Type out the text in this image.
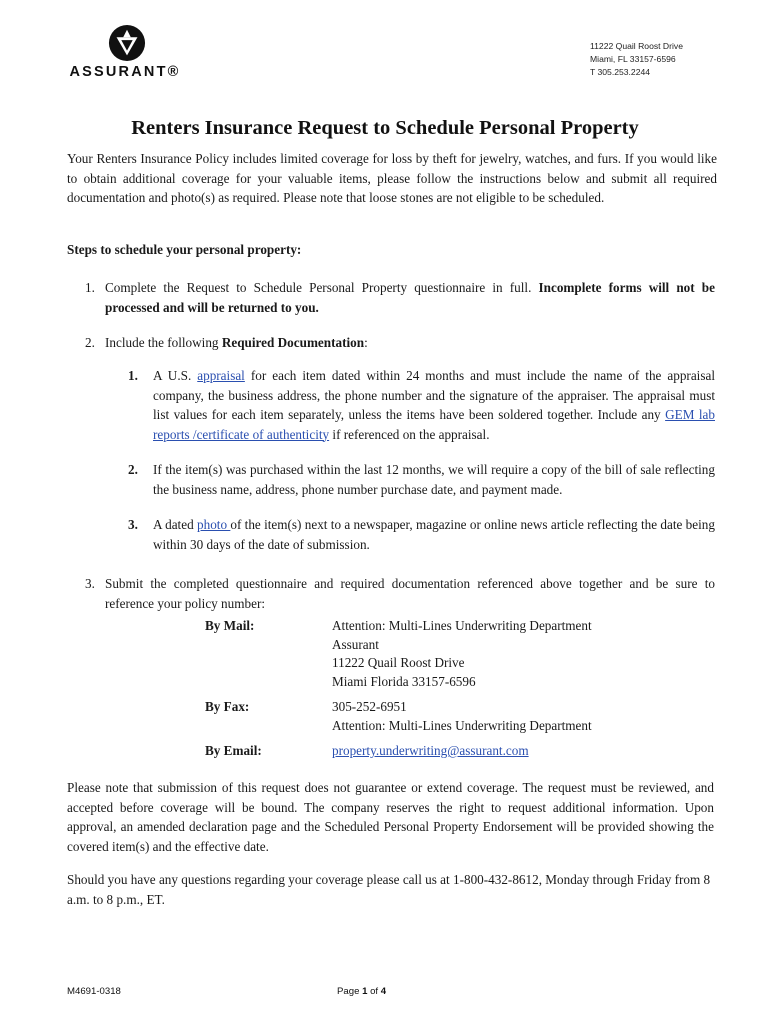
ASSURANT®
11222 Quail Roost Drive
Miami, FL 33157-6596
T 305.253.2244
Renters Insurance Request to Schedule Personal Property
Your Renters Insurance Policy includes limited coverage for loss by theft for jewelry, watches, and furs. If you would like to obtain additional coverage for your valuable items, please follow the instructions below and submit all required documentation and photo(s) as required. Please note that loose stones are not eligible to be scheduled.
Steps to schedule your personal property:
1. Complete the Request to Schedule Personal Property questionnaire in full. Incomplete forms will not be processed and will be returned to you.
2. Include the following Required Documentation:
1. A U.S. appraisal for each item dated within 24 months and must include the name of the appraisal company, the business address, the phone number and the signature of the appraiser. The appraisal must list values for each item separately, unless the items have been soldered together. Include any GEM lab reports /certificate of authenticity if referenced on the appraisal.
2. If the item(s) was purchased within the last 12 months, we will require a copy of the bill of sale reflecting the business name, address, phone number purchase date, and payment made.
3. A dated photo of the item(s) next to a newspaper, magazine or online news article reflecting the date being within 30 days of the date of submission.
3. Submit the completed questionnaire and required documentation referenced above together and be sure to reference your policy number:
By Mail:	Attention: Multi-Lines Underwriting Department
Assurant
11222 Quail Roost Drive
Miami Florida 33157-6596
By Fax:	305-252-6951
Attention: Multi-Lines Underwriting Department
By Email:	property.underwriting@assurant.com
Please note that submission of this request does not guarantee or extend coverage. The request must be reviewed, and accepted before coverage will be bound. The company reserves the right to request additional information. Upon approval, an amended declaration page and the Scheduled Personal Property Endorsement will be provided showing the covered item(s) and the effective date.
Should you have any questions regarding your coverage please call us at 1-800-432-8612, Monday through Friday from 8 a.m. to 8 p.m., ET.
M4691-0318	Page 1 of 4
